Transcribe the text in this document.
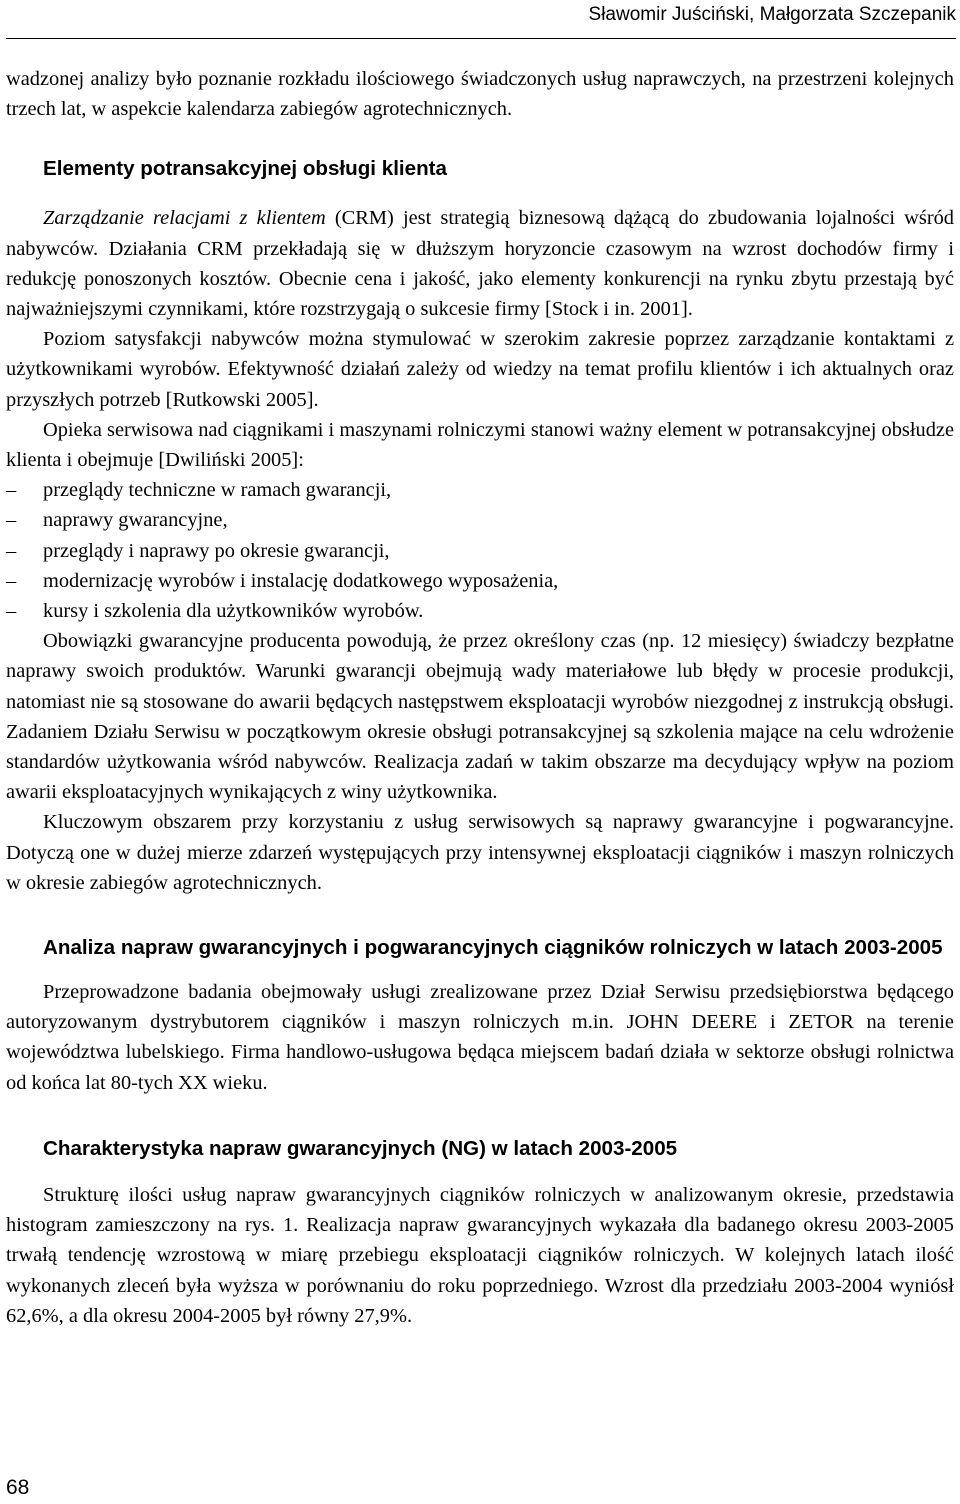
Sławomir Juściński, Małgorzata Szczepanik

wadzonej analizy było poznanie rozkładu ilościowego świadczonych usług naprawczych, na przestrzeni kolejnych trzech lat, w aspekcie kalendarza zabiegów agrotechnicznych.

Elementy potransakcyjnej obsługi klienta

Zarządzanie relacjami z klientem (CRM) jest strategią biznesową dążącą do zbudowania lojalności wśród nabywców. Działania CRM przekładają się w dłuższym horyzoncie czasowym na wzrost dochodów firmy i redukcję ponoszonych kosztów. Obecnie cena i jakość, jako elementy konkurencji na rynku zbytu przestają być najważniejszymi czynnikami, które rozstrzygają o sukcesie firmy [Stock i in. 2001].

Poziom satysfakcji nabywców można stymulować w szerokim zakresie poprzez zarządzanie kontaktami z użytkownikami wyrobów. Efektywność działań zależy od wiedzy na temat profilu klientów i ich aktualnych oraz przyszłych potrzeb [Rutkowski 2005].

Opieka serwisowa nad ciągnikami i maszynami rolniczymi stanowi ważny element w potransakcyjnej obsłudze klienta i obejmuje [Dwiliński 2005]:

– przeglądy techniczne w ramach gwarancji,
– naprawy gwarancyjne,
– przeglądy i naprawy po okresie gwarancji,
– modernizację wyrobów i instalację dodatkowego wyposażenia,
– kursy i szkolenia dla użytkowników wyrobów.

Obowiązki gwarancyjne producenta powodują, że przez określony czas (np. 12 miesięcy) świadczy bezpłatne naprawy swoich produktów. Warunki gwarancji obejmują wady materiałowe lub błędy w procesie produkcji, natomiast nie są stosowane do awarii będących następstwem eksploatacji wyrobów niezgodnej z instrukcją obsługi. Zadaniem Działu Serwisu w początkowym okresie obsługi potransakcyjnej są szkolenia mające na celu wdrożenie standardów użytkowania wśród nabywców. Realizacja zadań w takim obszarze ma decydujący wpływ na poziom awarii eksploatacyjnych wynikających z winy użytkownika.

Kluczowym obszarem przy korzystaniu z usług serwisowych są naprawy gwarancyjne i pogwarancyjne. Dotyczą one w dużej mierze zdarzeń występujących przy intensywnej eksploatacji ciągników i maszyn rolniczych w okresie zabiegów agrotechnicznych.

Analiza napraw gwarancyjnych i pogwarancyjnych ciągników rolniczych w latach 2003-2005

Przeprowadzone badania obejmowały usługi zrealizowane przez Dział Serwisu przedsiębiorstwa będącego autoryzowanym dystrybutorem ciągników i maszyn rolniczych m.in. JOHN DEERE i ZETOR na terenie województwa lubelskiego. Firma handlowo-usługowa będąca miejscem badań działa w sektorze obsługi rolnictwa od końca lat 80-tych XX wieku.

Charakterystyka napraw gwarancyjnych (NG) w latach 2003-2005

Strukturę ilości usług napraw gwarancyjnych ciągników rolniczych w analizowanym okresie, przedstawia histogram zamieszczony na rys. 1. Realizacja napraw gwarancyjnych wykazała dla badanego okresu 2003-2005 trwałą tendencję wzrostową w miarę przebiegu eksploatacji ciągników rolniczych. W kolejnych latach ilość wykonanych zleceń była wyższa w porównaniu do roku poprzedniego. Wzrost dla przedziału 2003-2004 wyniósł 62,6%, a dla okresu 2004-2005 był równy 27,9%.

68
